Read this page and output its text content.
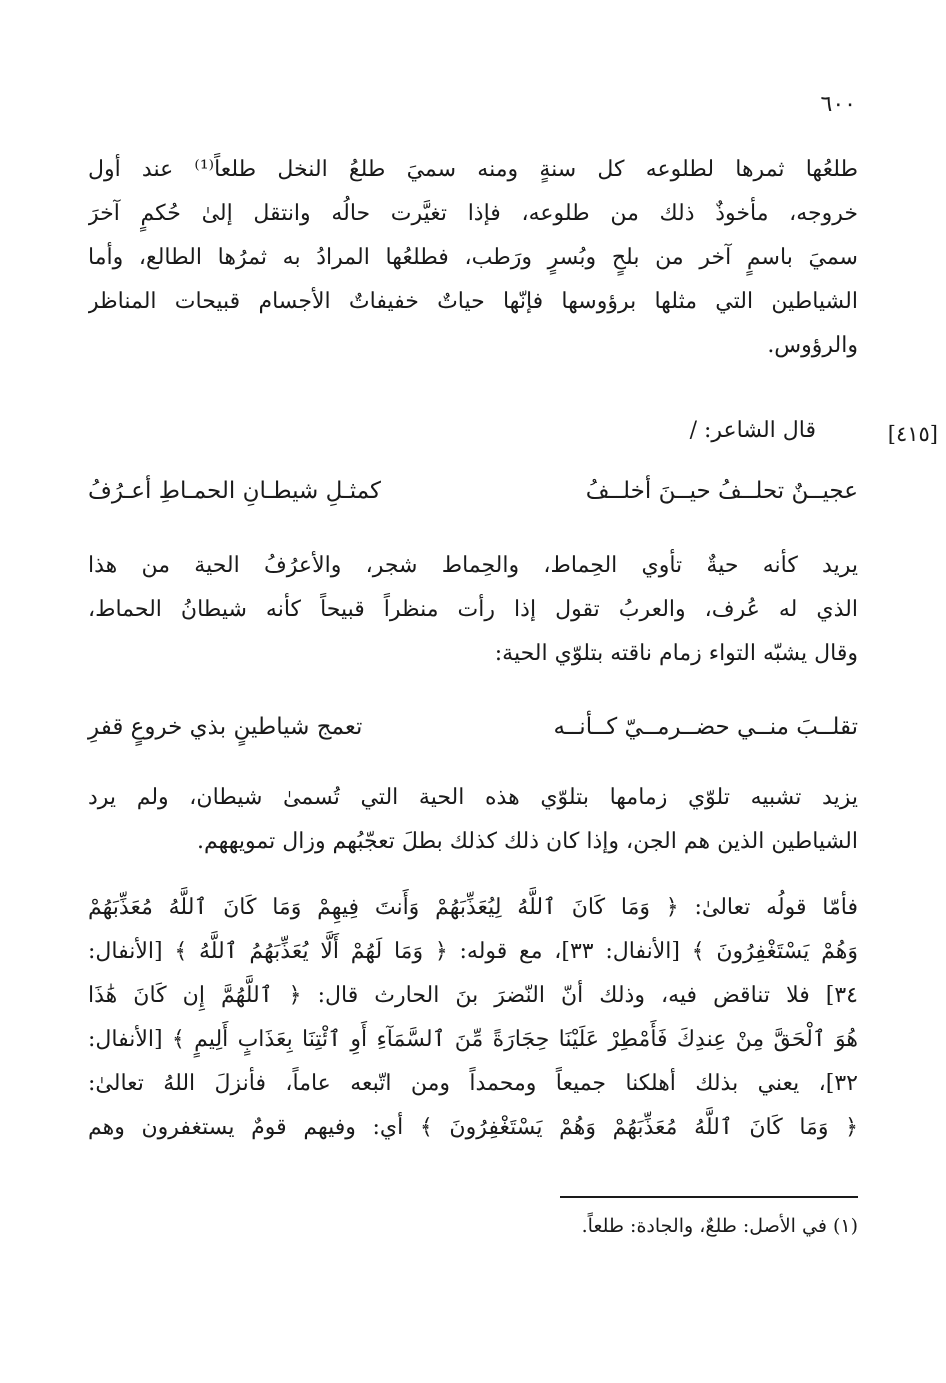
٦٠٠
طلعُها ثمرها لطلوعه كل سنةٍ ومنه سميَ طلعُ النخل طلعاً⁽¹⁾ عند أول
خروجه، مأخوذٌ ذلك من طلوعه، فإذا تغيَّرت حالُه وانتقل إلىٰ حُكمٍ آخرَ
سميَ باسمٍ آخر من بلحٍ وبُسرٍ ورَطب، فطلعُها المرادُ به ثمرُها الطالع، وأما
الشياطين التي مثلها برؤوسها فإنّها حياتٌ خفيفاتٌ الأجسام قبيحات المناظر
والرؤوس.
[٤١٥]
قال الشاعر: /
عجيــنٌ تحلــفُ حيــنَ أخلــفُ
كمثـلِ شيطـانِ الحمـاطِ أعـرُفُ
يريد كأنه حيةٌ تأوي الحِماط، والحِماط شجر، والأعرُفُ الحية من هذا
الذي له عُرف، والعربُ تقول إذا رأت منظراً قبيحاً كأنه شيطانُ الحماط،
وقال يشبّه التواء زمام ناقته بتلوّي الحية:
تقلــبَ منــي حضــرمــيّ كــأنــه
تعمج شياطينٍ بذي خروعٍ قفرِ
يزيد تشبيه تلوّي زمامها بتلوّي هذه الحية التي تُسمىٰ شيطان، ولم يرد
الشياطين الذين هم الجن، وإذا كان ذلك كذلك بطلَ تعجّبُهم وزال تمويههم.
فأمّا قولُه تعالىٰ: ﴿ وَمَا كَانَ ٱللَّهُ لِيُعَذِّبَهُمْ وَأَنتَ فِيهِمْ وَمَا كَانَ ٱللَّهُ مُعَذِّبَهُمْ
وَهُمْ يَسْتَغْفِرُونَ ﴾ [الأنفال: ٣٣]، مع قوله: ﴿ وَمَا لَهُمْ أَلَّا يُعَذِّبَهُمُ ٱللَّهُ ﴾ [الأنفال:
٣٤] فلا تناقض فيه، وذلك أنّ النّضرَ بنَ الحارث قال: ﴿ ٱللَّهُمَّ إِن كَانَ هَٰذَا
هُوَ ٱلْحَقَّ مِنْ عِندِكَ فَأَمْطِرْ عَلَيْنَا حِجَارَةً مِّنَ ٱلسَّمَآءِ أَوِ ٱئْتِنَا بِعَذَابٍ أَلِيمٍ ﴾ [الأنفال:
٣٢]، يعني بذلك أهلكنا جميعاً ومحمداً ومن اتّبعه عاماً، فأنزلَ اللهُ تعالىٰ:
﴿ وَمَا كَانَ ٱللَّهُ مُعَذِّبَهُمْ وَهُمْ يَسْتَغْفِرُونَ ﴾ أي: وفيهم قومٌ يستغفرون وهم
(١) في الأصل: طلعٌ، والجادة: طلعاً.
